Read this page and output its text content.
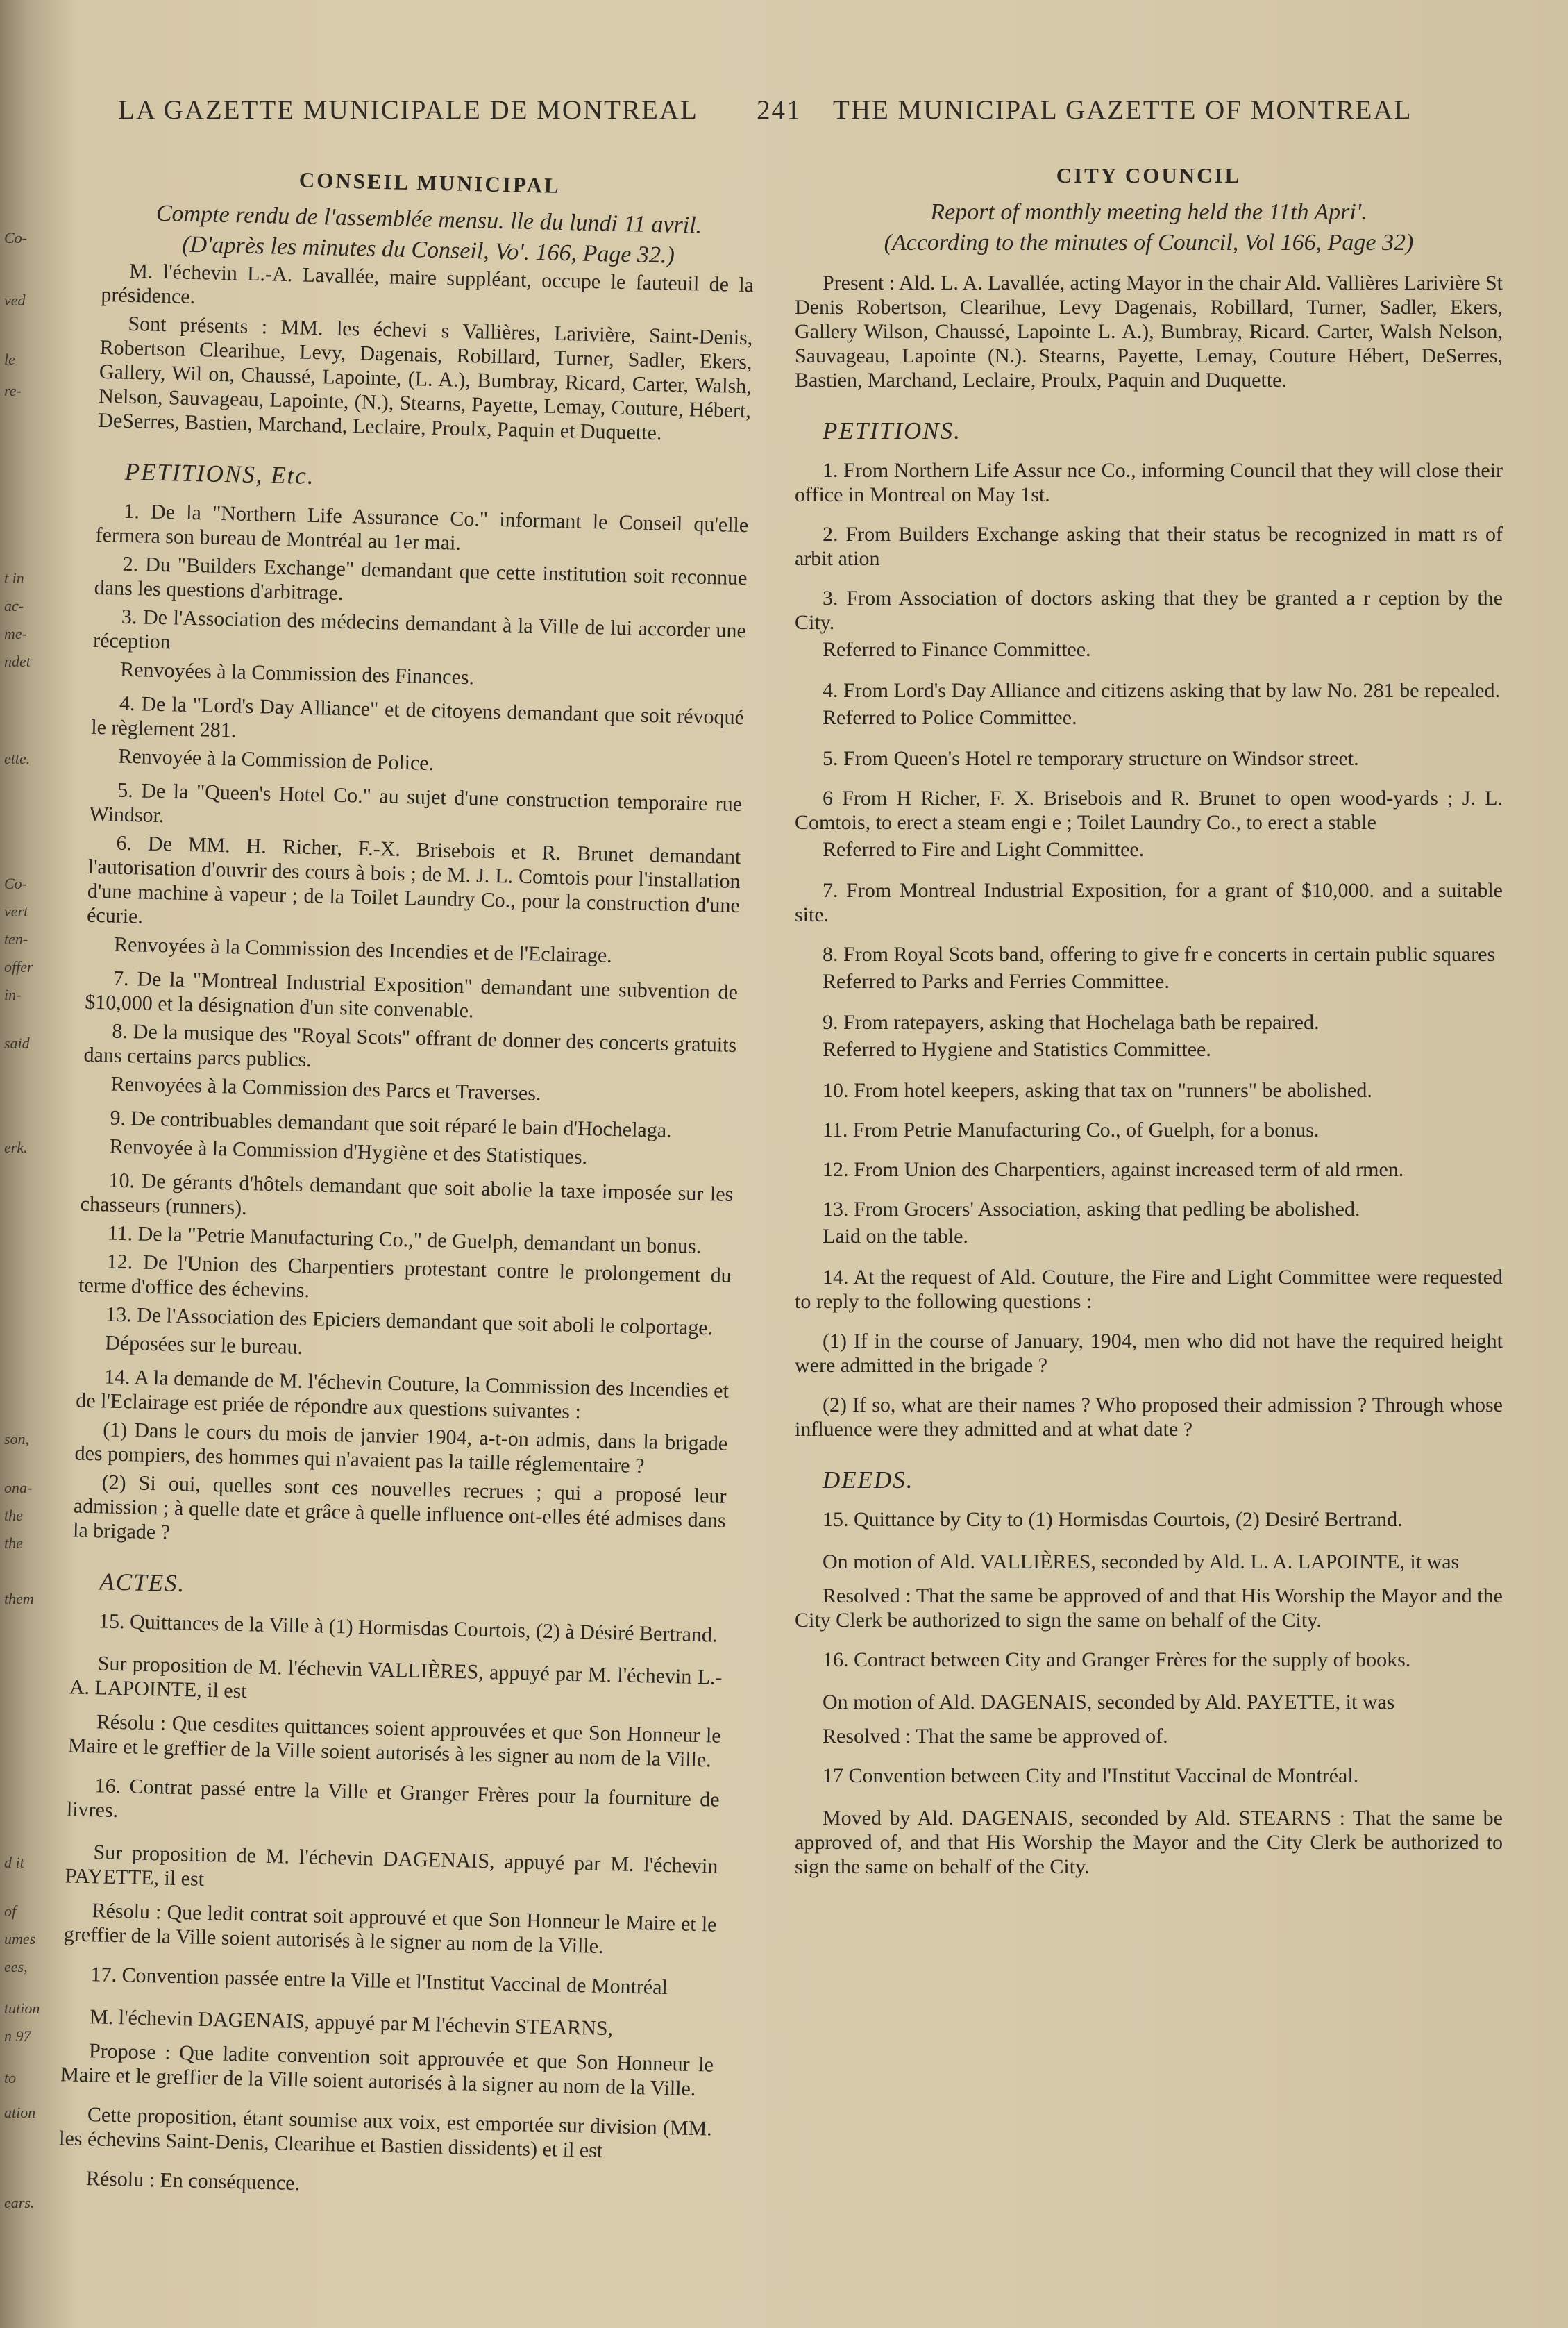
Co-
ved
le
re-
t in
ac-
me-
ndet
ette.
Co-
vert
ten-
offer
in-
said
erk.
son,
ona-
the
the
them
d it
of
umes
ees,
tution
n 97
to
ation
ears.
LA GAZETTE MUNICIPALE DE MONTREAL 241 THE MUNICIPAL GAZETTE OF MONTREAL
CONSEIL MUNICIPAL
Compte rendu de l'assemblée mensu. lle du lundi 11 avril.
(D'après les minutes du Conseil, Vo'. 166, Page 32.)

M. l'échevin L.-A. Lavallée, maire suppléant, occupe le fauteuil de la présidence.

Sont présents : MM. les échevi s Vallières, Larivière, Saint-Denis, Robertson Clearihue, Levy, Dagenais, Robillard, Turner, Sadler, Ekers, Gallery, Wil on, Chaussé, Lapointe, (L. A.), Bumbray, Ricard, Carter, Walsh, Nelson, Sauvageau, Lapointe, (N.), Stearns, Payette, Lemay, Couture, Hébert, DeSerres, Bastien, Marchand, Leclaire, Proulx, Paquin et Duquette.

PETITIONS, Etc.

1. De la "Northern Life Assurance Co." informant le Conseil qu'elle fermera son bureau de Montréal au 1er mai.

2. Du "Builders Exchange" demandant que cette institution soit reconnue dans les questions d'arbitrage.

3. De l'Association des médecins demandant à la Ville de lui accorder une réception

Renvoyées à la Commission des Finances.

4. De la "Lord's Day Alliance" et de citoyens demandant que soit révoqué le règlement 281.

Renvoyée à la Commission de Police.

5. De la "Queen's Hotel Co." au sujet d'une construction temporaire rue Windsor.

6. De MM. H. Richer, F.-X. Brisebois et R. Brunet demandant l'autorisation d'ouvrir des cours à bois ; de M. J. L. Comtois pour l'installation d'une machine à vapeur ; de la Toilet Laundry Co., pour la construction d'une écurie.

Renvoyées à la Commission des Incendies et de l'Eclairage.

7. De la "Montreal Industrial Exposition" demandant une subvention de $10,000 et la désignation d'un site convenable.

8. De la musique des "Royal Scots" offrant de donner des concerts gratuits dans certains parcs publics.

Renvoyées à la Commission des Parcs et Traverses.

9. De contribuables demandant que soit réparé le bain d'Hochelaga.

Renvoyée à la Commission d'Hygiène et des Statistiques.

10. De gérants d'hôtels demandant que soit abolie la taxe imposée sur les chasseurs (runners).

11. De la "Petrie Manufacturing Co.," de Guelph, demandant un bonus.

12. De l'Union des Charpentiers protestant contre le prolongement du terme d'office des échevins.

13. De l'Association des Epiciers demandant que soit aboli le colportage.

Déposées sur le bureau.

14. A la demande de M. l'échevin Couture, la Commission des Incendies et de l'Eclairage est priée de répondre aux questions suivantes :

(1) Dans le cours du mois de janvier 1904, a-t-on admis, dans la brigade des pompiers, des hommes qui n'avaient pas la taille réglementaire ?

(2) Si oui, quelles sont ces nouvelles recrues ; qui a proposé leur admission ; à quelle date et grâce à quelle influence ont-elles été admises dans la brigade ?

ACTES.

15. Quittances de la Ville à (1) Hormisdas Courtois, (2) à Désiré Bertrand.

Sur proposition de M. l'échevin VALLIÈRES, appuyé par M. l'échevin L.-A. LAPOINTE, il est

Résolu : Que cesdites quittances soient approuvées et que Son Honneur le Maire et le greffier de la Ville soient autorisés à les signer au nom de la Ville.

16. Contrat passé entre la Ville et Granger Frères pour la fourniture de livres.

Sur proposition de M. l'échevin DAGENAIS, appuyé par M. l'échevin PAYETTE, il est

Résolu : Que ledit contrat soit approuvé et que Son Honneur le Maire et le greffier de la Ville soient autorisés à le signer au nom de la Ville.

17. Convention passée entre la Ville et l'Institut Vaccinal de Montréal

M. l'échevin DAGENAIS, appuyé par M l'échevin STEARNS,

Propose : Que ladite convention soit approuvée et que Son Honneur le Maire et le greffier de la Ville soient autorisés à la signer au nom de la Ville.

Cette proposition, étant soumise aux voix, est emportée sur division (MM. les échevins Saint-Denis, Clearihue et Bastien dissidents) et il est

Résolu : En conséquence.

CITY COUNCIL
Report of monthly meeting held the 11th Apri'.
(According to the minutes of Council, Vol 166, Page 32)

Present : Ald. L. A. Lavallée, acting Mayor in the chair Ald. Vallières Larivière St Denis Robertson, Clearihue, Levy Dagenais, Robillard, Turner, Sadler, Ekers, Gallery Wilson, Chaussé, Lapointe L. A.), Bumbray, Ricard. Carter, Walsh Nelson, Sauvageau, Lapointe (N.). Stearns, Payette, Lemay, Couture Hébert, DeSerres, Bastien, Marchand, Leclaire, Proulx, Paquin and Duquette.

PETITIONS.

1. From Northern Life Assur nce Co., informing Council that they will close their office in Montreal on May 1st.

2. From Builders Exchange asking that their status be recognized in matt rs of arbit ation

3. From Association of doctors asking that they be granted a r ception by the City.

Referred to Finance Committee.

4. From Lord's Day Alliance and citizens asking that by law No. 281 be repealed.

Referred to Police Committee.

5. From Queen's Hotel re temporary structure on Windsor street.

6 From H Richer, F. X. Brisebois and R. Brunet to open wood-yards ; J. L. Comtois, to erect a steam engi e ; Toilet Laundry Co., to erect a stable

Referred to Fire and Light Committee.

7. From Montreal Industrial Exposition, for a grant of $10,000. and a suitable site.

8. From Royal Scots band, offering to give fr e concerts in certain public squares

Referred to Parks and Ferries Committee.

9. From ratepayers, asking that Hochelaga bath be repaired.

Referred to Hygiene and Statistics Committee.

10. From hotel keepers, asking that tax on "runners" be abolished.

11. From Petrie Manufacturing Co., of Guelph, for a bonus.

12. From Union des Charpentiers, against increased term of ald rmen.

13. From Grocers' Association, asking that pedling be abolished.

Laid on the table.

14. At the request of Ald. Couture, the Fire and Light Committee were requested to reply to the following questions :

(1) If in the course of January, 1904, men who did not have the required height were admitted in the brigade ?

(2) If so, what are their names ? Who proposed their admission ? Through whose influence were they admitted and at what date ?

DEEDS.

15. Quittance by City to (1) Hormisdas Courtois, (2) Desiré Bertrand.

On motion of Ald. VALLIÈRES, seconded by Ald. L. A. LAPOINTE, it was

Resolved : That the same be approved of and that His Worship the Mayor and the City Clerk be authorized to sign the same on behalf of the City.

16. Contract between City and Granger Frères for the supply of books.

On motion of Ald. DAGENAIS, seconded by Ald. PAYETTE, it was

Resolved : That the same be approved of.

17 Convention between City and l'Institut Vaccinal de Montréal.

Moved by Ald. DAGENAIS, seconded by Ald. STEARNS : That the same be approved of, and that His Worship the Mayor and the City Clerk be authorized to sign the same on behalf of the City.
